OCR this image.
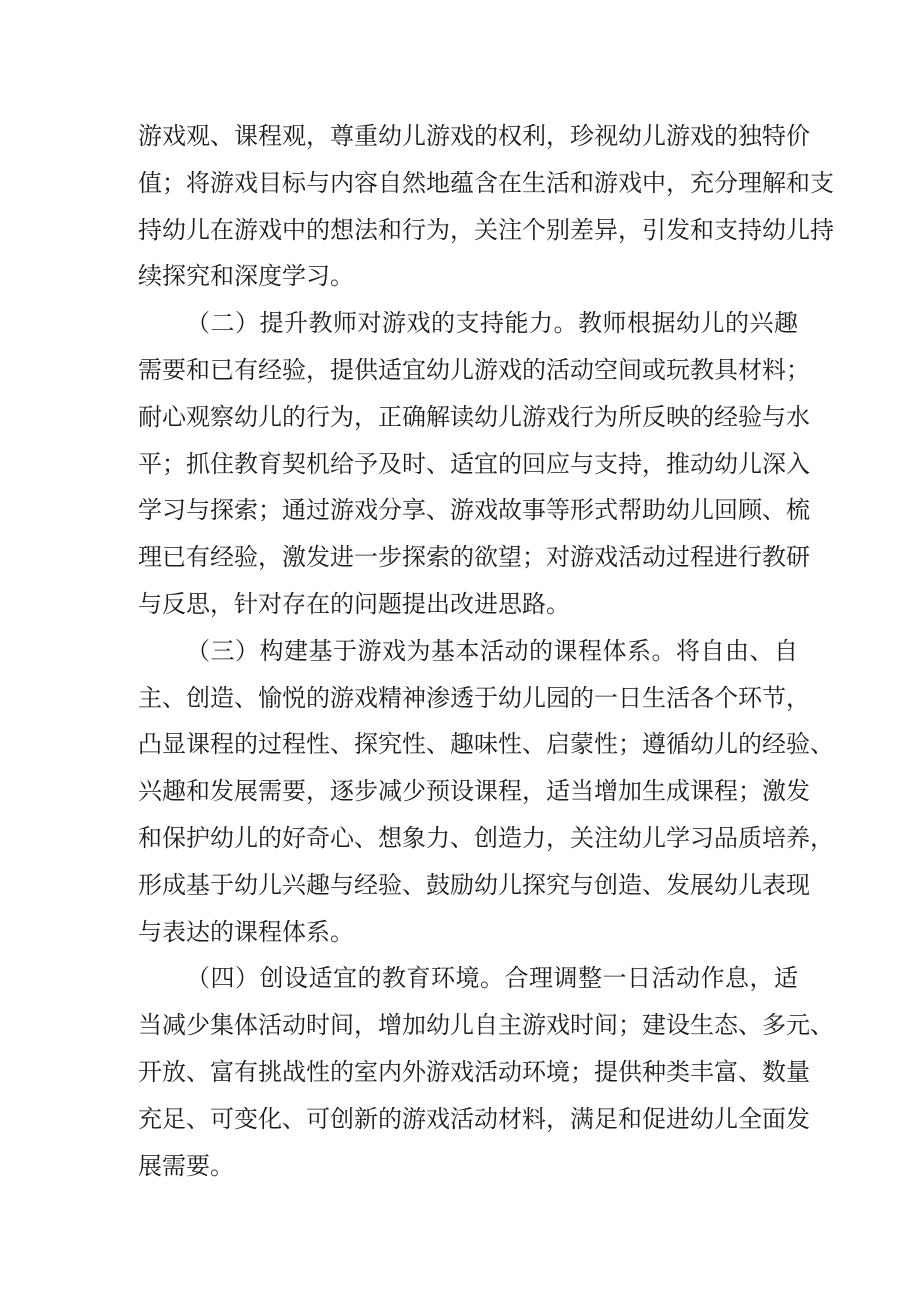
游戏观、课程观，尊重幼儿游戏的权利，珍视幼儿游戏的独特价
值；将游戏目标与内容自然地蕴含在生活和游戏中，充分理解和支
持幼儿在游戏中的想法和行为，关注个别差异，引发和支持幼儿持
续探究和深度学习。

（二）提升教师对游戏的支持能力。教师根据幼儿的兴趣
需要和已有经验，提供适宜幼儿游戏的活动空间或玩教具材料；
耐心观察幼儿的行为，正确解读幼儿游戏行为所反映的经验与水
平；抓住教育契机给予及时、适宜的回应与支持，推动幼儿深入
学习与探索；通过游戏分享、游戏故事等形式帮助幼儿回顾、梳
理已有经验，激发进一步探索的欲望；对游戏活动过程进行教研
与反思，针对存在的问题提出改进思路。

（三）构建基于游戏为基本活动的课程体系。将自由、自
主、创造、愉悦的游戏精神渗透于幼儿园的一日生活各个环节，
凸显课程的过程性、探究性、趣味性、启蒙性；遵循幼儿的经验、
兴趣和发展需要，逐步减少预设课程，适当增加生成课程；激发
和保护幼儿的好奇心、想象力、创造力，关注幼儿学习品质培养，
形成基于幼儿兴趣与经验、鼓励幼儿探究与创造、发展幼儿表现
与表达的课程体系。

（四）创设适宜的教育环境。合理调整一日活动作息，适
当减少集体活动时间，增加幼儿自主游戏时间；建设生态、多元、
开放、富有挑战性的室内外游戏活动环境；提供种类丰富、数量
充足、可变化、可创新的游戏活动材料，满足和促进幼儿全面发
展需要。
